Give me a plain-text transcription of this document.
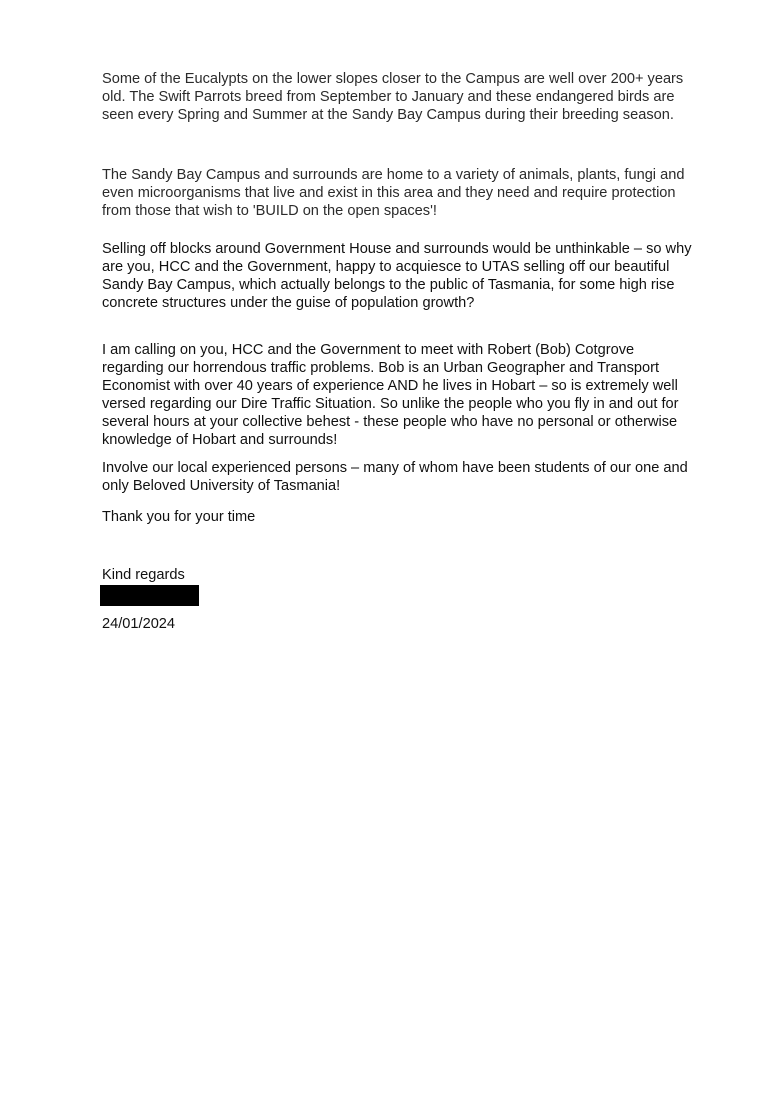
Some of the Eucalypts on the lower slopes closer to the Campus are well over 200+ years old. The Swift Parrots breed from September to January and these endangered birds are seen every Spring and Summer at the Sandy Bay Campus during their breeding season.

The Sandy Bay Campus and surrounds are home to a variety of animals, plants, fungi and even microorganisms that live and exist in this area and they need and require protection from those that wish to 'BUILD on the open spaces'!

Selling off blocks around Government House and surrounds would be unthinkable – so why are you, HCC and the Government, happy to acquiesce to UTAS selling off our beautiful Sandy Bay Campus, which actually belongs to the public of Tasmania, for some high rise concrete structures under the guise of population growth?

I am calling on you, HCC and the Government to meet with Robert (Bob) Cotgrove regarding our horrendous traffic problems. Bob is an Urban Geographer and Transport Economist with over 40 years of experience AND he lives in Hobart – so is extremely well versed regarding our Dire Traffic Situation. So unlike the people who you fly in and out for several hours at your collective behest - these people who have no personal or otherwise knowledge of Hobart and surrounds!

Involve our local experienced persons – many of whom have been students of our one and only Beloved University of Tasmania!

Thank you for your time

Kind regards
24/01/2024
